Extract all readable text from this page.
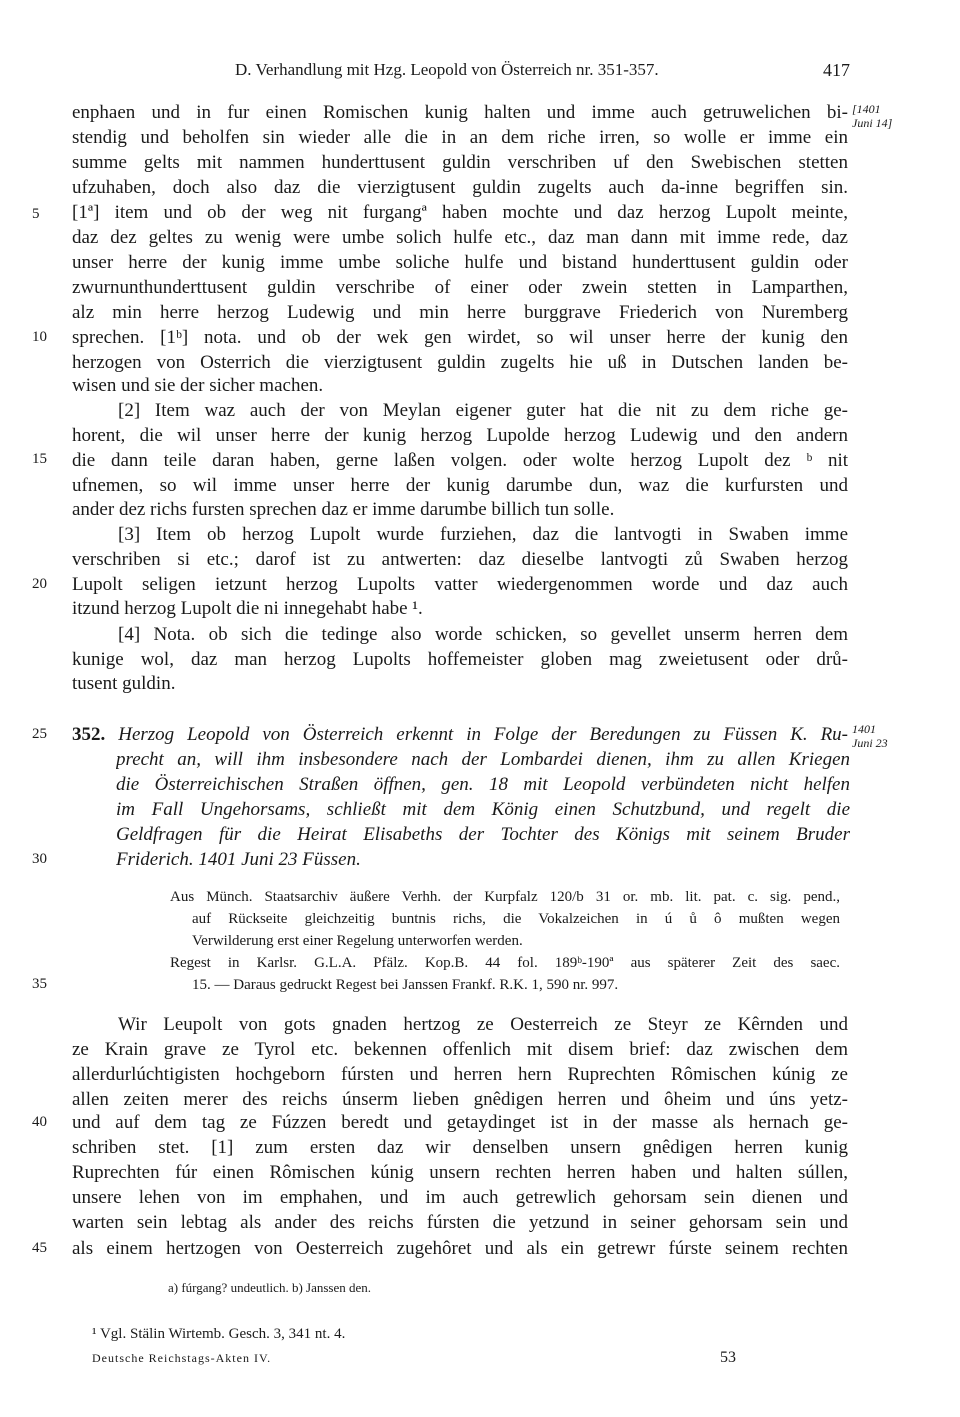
D. Verhandlung mit Hzg. Leopold von Österreich nr. 351-357.	417
[1401
Juni 14]
1401
Juni 23
5
10
15
20
25
30
35
40
45
enphaen und in fur einen Romischen kunig halten und imme auch getruwelichen bi-
stendig und beholfen sin wieder alle die in an dem riche irren, so wolle er imme ein
summe gelts mit nammen hunderttusent guldin verschriben uf den Swebischen stetten
ufzuhaben, doch also daz die vierzigtusent guldin zugelts auch da-inne begriffen sin.
[1ª] item und ob der weg nit furgangª haben mochte und daz herzog Lupolt meinte,
daz dez geltes zu wenig were umbe solich hulfe etc., daz man dann mit imme rede, daz
unser herre der kunig imme umbe soliche hulfe und bistand hunderttusent guldin oder
zwurnunthunderttusent guldin verschribe of einer oder zwein stetten in Lamparthen,
alz min herre herzog Ludewig und min herre burggrave Friederich von Nuremberg
sprechen. [1ᵇ] nota. und ob der wek gen wirdet, so wil unser herre der kunig den
herzogen von Osterrich die vierzigtusent guldin zugelts hie uß in Dutschen landen be-
wisen und sie der sicher machen.
[2] Item waz auch der von Meylan eigener guter hat die nit zu dem riche ge-
horent, die wil unser herre der kunig herzog Lupolde herzog Ludewig und den andern
die dann teile daran haben, gerne laßen volgen. oder wolte herzog Lupolt dez ᵇ nit
ufnemen, so wil imme unser herre der kunig darumbe dun, waz die kurfursten und
ander dez richs fursten sprechen daz er imme darumbe billich tun solle.
[3] Item ob herzog Lupolt wurde furziehen, daz die lantvogti in Swaben imme
verschriben si etc.; darof ist zu antwerten: daz dieselbe lantvogti zů Swaben herzog
Lupolt seligen ietzunt herzog Lupolts vatter wiedergenommen worde und daz auch
itzund herzog Lupolt die ni innegehabt habe ¹.
[4] Nota. ob sich die tedinge also worde schicken, so gevellet unserm herren dem
kunige wol, daz man herzog Lupolts hoffemeister globen mag zweietusent oder drů-
tusent guldin.
352. Herzog Leopold von Österreich erkennt in Folge der Beredungen zu Füssen K. Ru-
precht an, will ihm insbesondere nach der Lombardei dienen, ihm zu allen Kriegen
die Österreichischen Straßen öffnen, gen. 18 mit Leopold verbündeten nicht helfen
im Fall Ungehorsams, schließt mit dem König einen Schutzbund, und regelt die
Geldfragen für die Heirat Elisabeths der Tochter des Königs mit seinem Bruder
Friderich. 1401 Juni 23 Füssen.
Aus Münch. Staatsarchiv äußere Verhh. der Kurpfalz 120/b 31 or. mb. lit. pat. c. sig. pend.,
auf Rückseite gleichzeitig buntnis richs, die Vokalzeichen in ú ů ô mußten wegen
Verwilderung erst einer Regelung unterworfen werden.
Regest in Karlsr. G.L.A. Pfälz. Kop.B. 44 fol. 189ᵇ-190ª aus späterer Zeit des saec.
15. — Daraus gedruckt Regest bei Janssen Frankf. R.K. 1, 590 nr. 997.
Wir Leupolt von gots gnaden hertzog ze Oesterreich ze Steyr ze Kêrnden und
ze Krain grave ze Tyrol etc. bekennen offenlich mit disem brief: daz zwischen dem
allerdurlúchtigisten hochgeborn fúrsten und herren hern Ruprechten Rômischen kúnig ze
allen zeiten merer des reichs únserm lieben gnêdigen herren und ôheim und úns yetz-
und auf dem tag ze Fúzzen beredt und getaydinget ist in der masse als hernach ge-
schriben stet. [1] zum ersten daz wir denselben unsern gnêdigen herren kunig
Ruprechten fúr einen Rômischen kúnig unsern rechten herren haben und halten súllen,
unsere lehen von im emphahen, und im auch getrewlich gehorsam sein dienen und
warten sein lebtag als ander des reichs fúrsten die yetzund in seiner gehorsam sein und
als einem hertzogen von Oesterreich zugehôret und als ein getrewr fúrste seinem rechten
a) fúrgang? undeutlich. b) Janssen den.
¹ Vgl. Stälin Wirtemb. Gesch. 3, 341 nt. 4.
Deutsche Reichstags-Akten IV.	53
